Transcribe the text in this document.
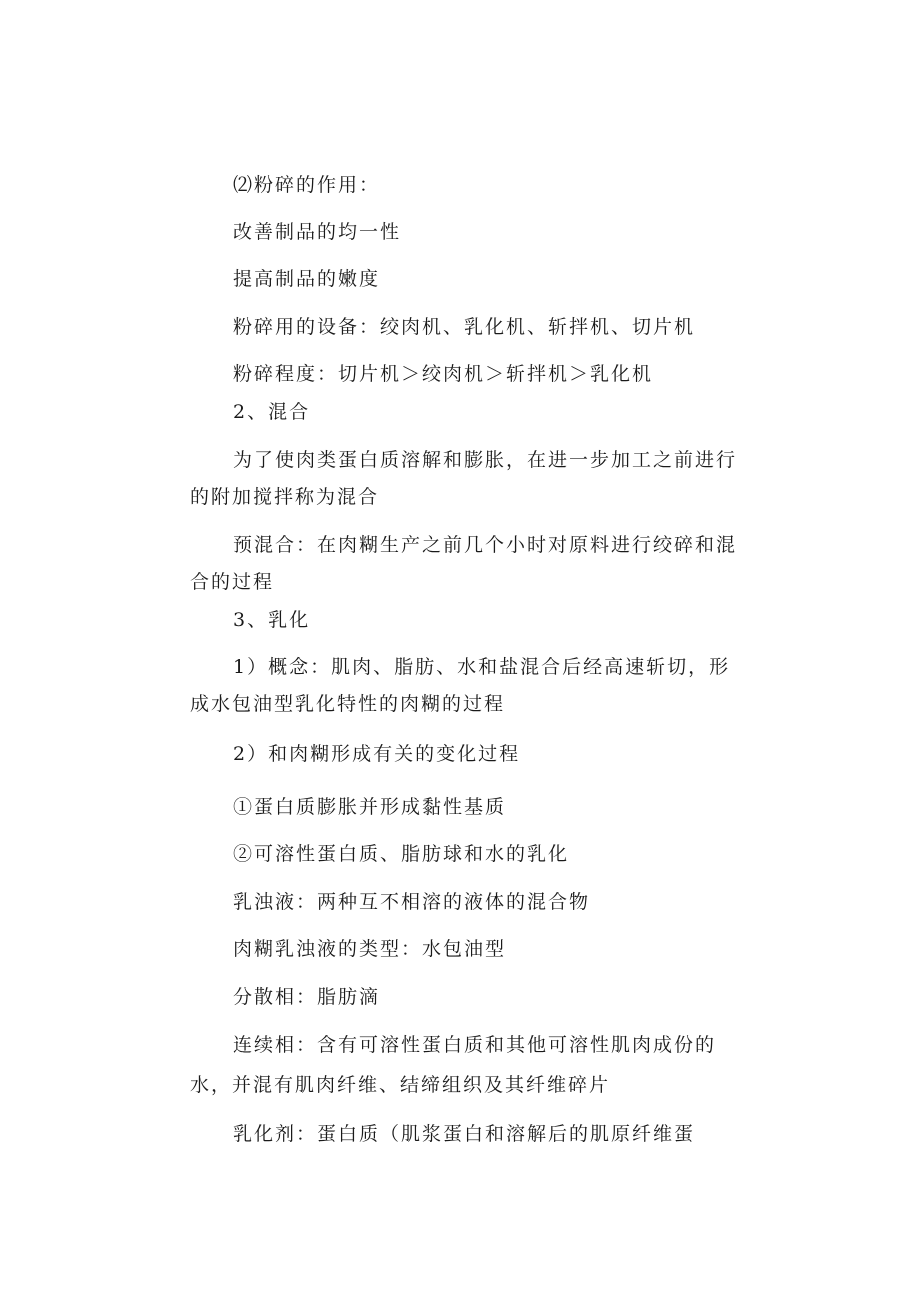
⑵粉碎的作用：
改善制品的均一性
提高制品的嫩度
粉碎用的设备：绞肉机、乳化机、斩拌机、切片机
粉碎程度：切片机＞绞肉机＞斩拌机＞乳化机
2、混合
为了使肉类蛋白质溶解和膨胀，在进一步加工之前进行
的附加搅拌称为混合
预混合：在肉糊生产之前几个小时对原料进行绞碎和混
合的过程
3、乳化
1）概念：肌肉、脂肪、水和盐混合后经高速斩切，形
成水包油型乳化特性的肉糊的过程
2）和肉糊形成有关的变化过程
①蛋白质膨胀并形成黏性基质
②可溶性蛋白质、脂肪球和水的乳化
乳浊液：两种互不相溶的液体的混合物
肉糊乳浊液的类型：水包油型
分散相：脂肪滴
连续相：含有可溶性蛋白质和其他可溶性肌肉成份的
水，并混有肌肉纤维、结缔组织及其纤维碎片
乳化剂：蛋白质（肌浆蛋白和溶解后的肌原纤维蛋
